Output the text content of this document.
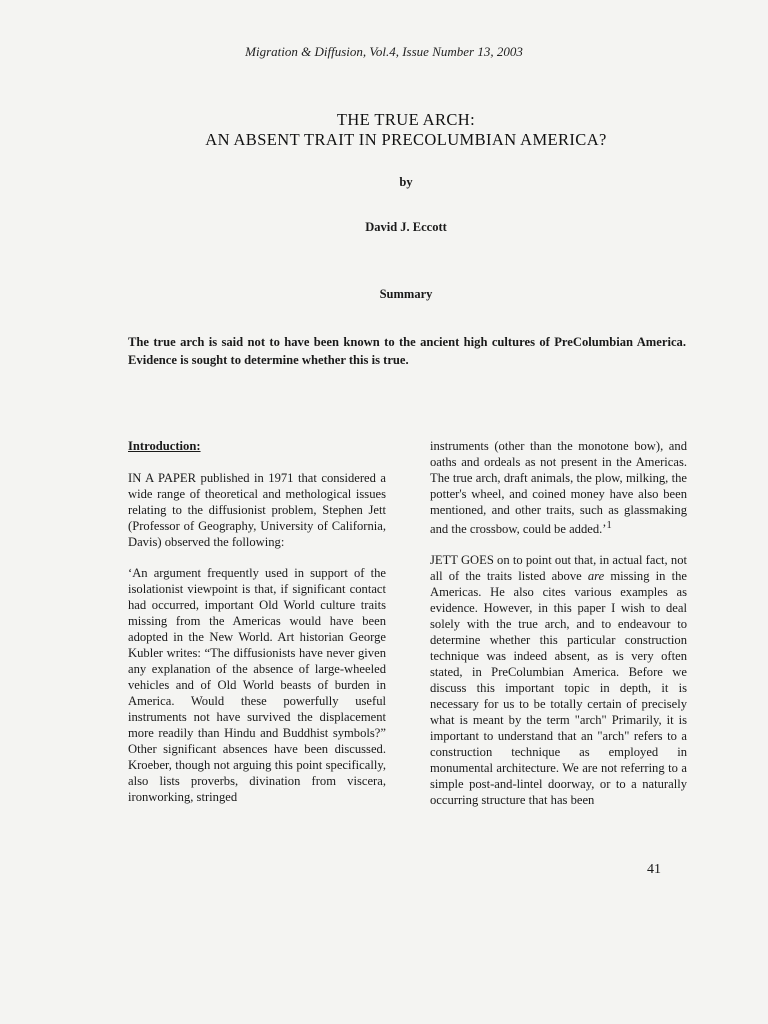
Migration & Diffusion, Vol.4, Issue Number 13, 2003
THE TRUE ARCH:
AN ABSENT TRAIT IN PRECOLUMBIAN AMERICA?
by
David J. Eccott
Summary
The true arch is said not to have been known to the ancient high cultures of PreColumbian America. Evidence is sought to determine whether this is true.
Introduction:

IN A PAPER published in 1971 that considered a wide range of theoretical and methological issues relating to the diffusionist problem, Stephen Jett (Professor of Geography, University of California, Davis) observed the following:

‘An argument frequently used in support of the isolationist viewpoint is that, if significant contact had occurred, important Old World culture traits missing from the Americas would have been adopted in the New World. Art historian George Kubler writes: “The diffusionists have never given any explanation of the absence of large-wheeled vehicles and of Old World beasts of burden in America. Would these powerfully useful instruments not have survived the displacement more readily than Hindu and Buddhist symbols?” Other significant absences have been discussed. Kroeber, though not arguing this point specifically, also lists proverbs, divination from viscera, ironworking, stringed

instruments (other than the monotone bow), and oaths and ordeals as not present in the Americas. The true arch, draft animals, the plow, milking, the potter's wheel, and coined money have also been mentioned, and other traits, such as glassmaking and the crossbow, could be added.’$^1$

JETT GOES on to point out that, in actual fact, not all of the traits listed above are missing in the Americas. He also cites various examples as evidence. However, in this paper I wish to deal solely with the true arch, and to endeavour to determine whether this particular construction technique was indeed absent, as is very often stated, in PreColumbian America. Before we discuss this important topic in depth, it is necessary for us to be totally certain of precisely what is meant by the term "arch" Primarily, it is important to understand that an "arch" refers to a construction technique as employed in monumental architecture. We are not referring to a simple post-and-lintel doorway, or to a naturally occurring structure that has been

41
